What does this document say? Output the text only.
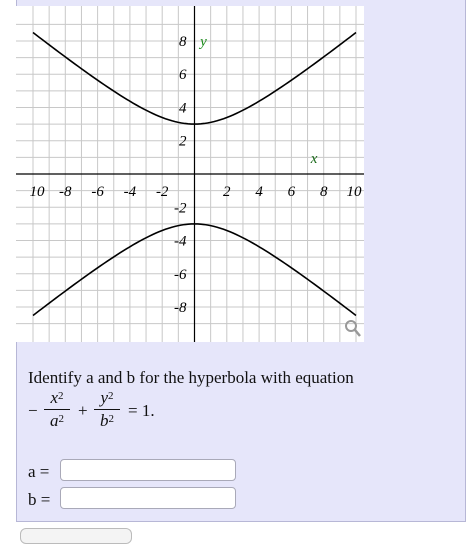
10 -8 -6 -4 -2	2 4 6 8 10
8
6
4
2
-2
-4
-6
-8
x
y
Identify a and b for the hyperbola with equation
−
$x^2$
$a^2$ +
$y^2$
$b^2 = 1$.
a =
b =
